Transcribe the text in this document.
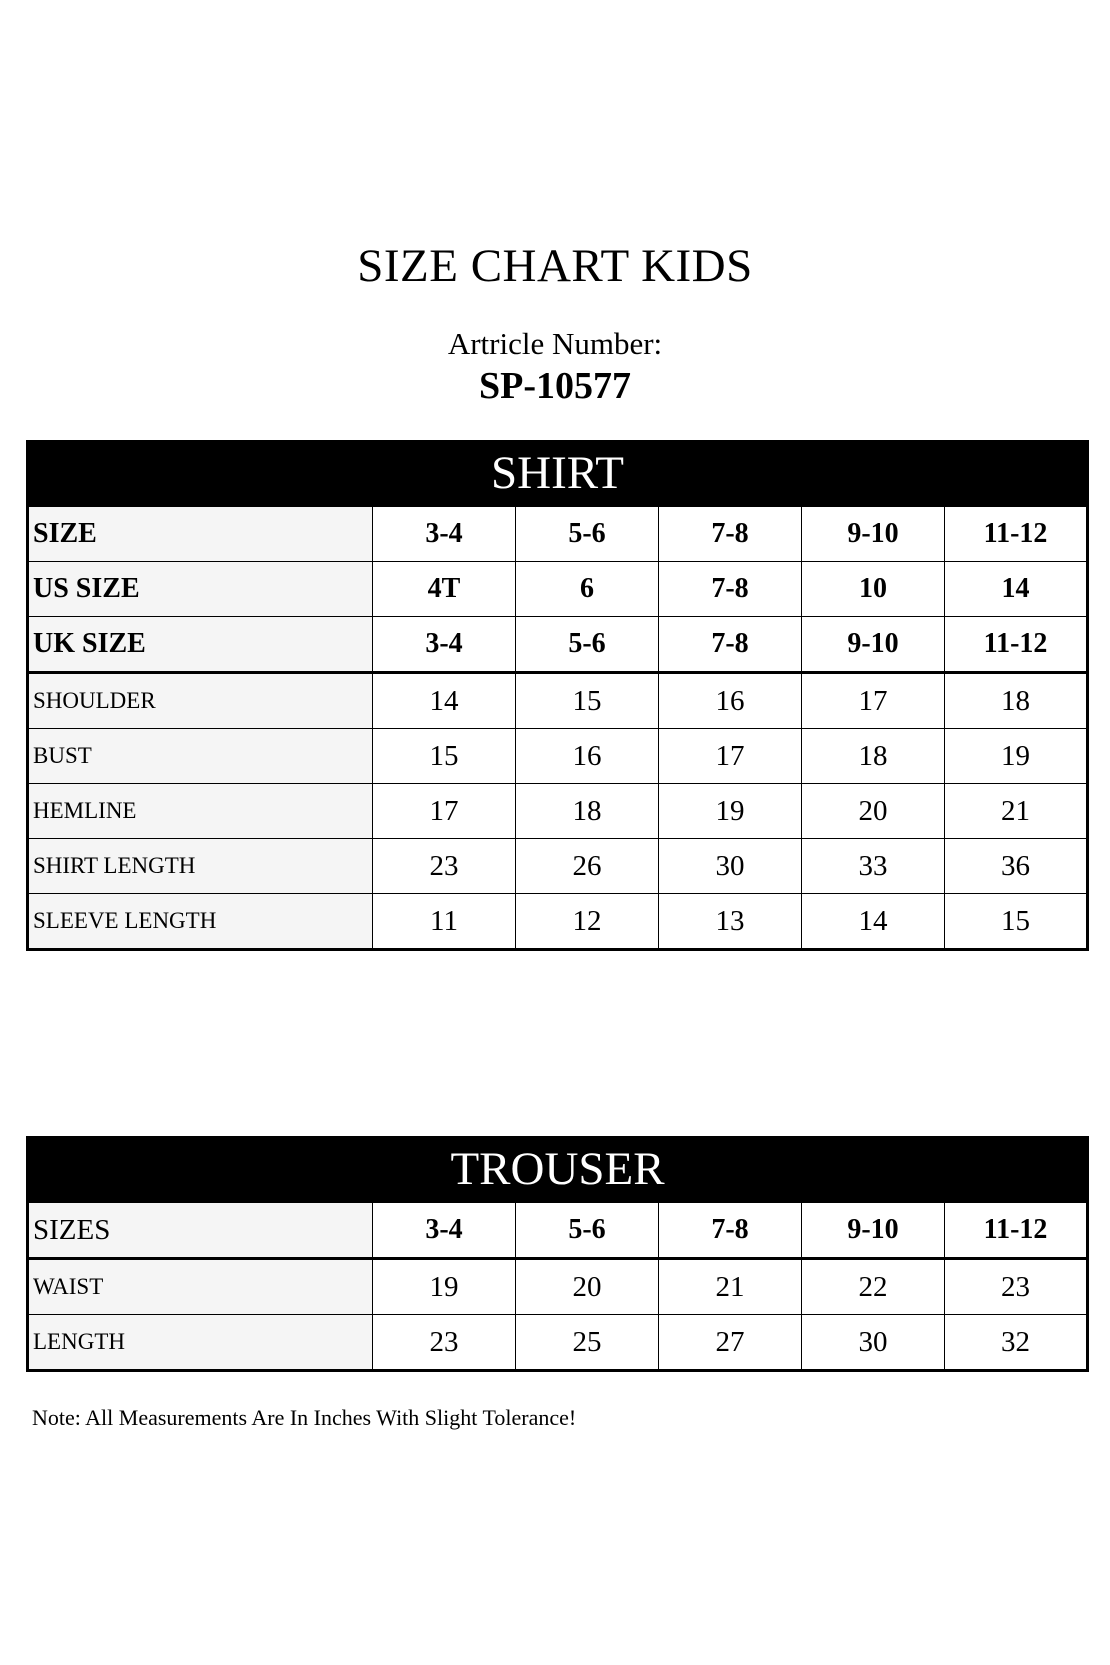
SIZE CHART KIDS
Artricle Number:
SP-10577
SHIRT					
SIZE	3-4	5-6	7-8	9-10	11-12
US SIZE	4T	6	7-8	10	14
UK SIZE	3-4	5-6	7-8	9-10	11-12
SHOULDER	14	15	16	17	18
BUST	15	16	17	18	19
HEMLINE	17	18	19	20	21
SHIRT LENGTH	23	26	30	33	36
SLEEVE LENGTH	11	12	13	14	15
TROUSER					
SIZES	3-4	5-6	7-8	9-10	11-12
WAIST	19	20	21	22	23
LENGTH	23	25	27	30	32
Note: All Measurements Are In Inches With Slight Tolerance!
